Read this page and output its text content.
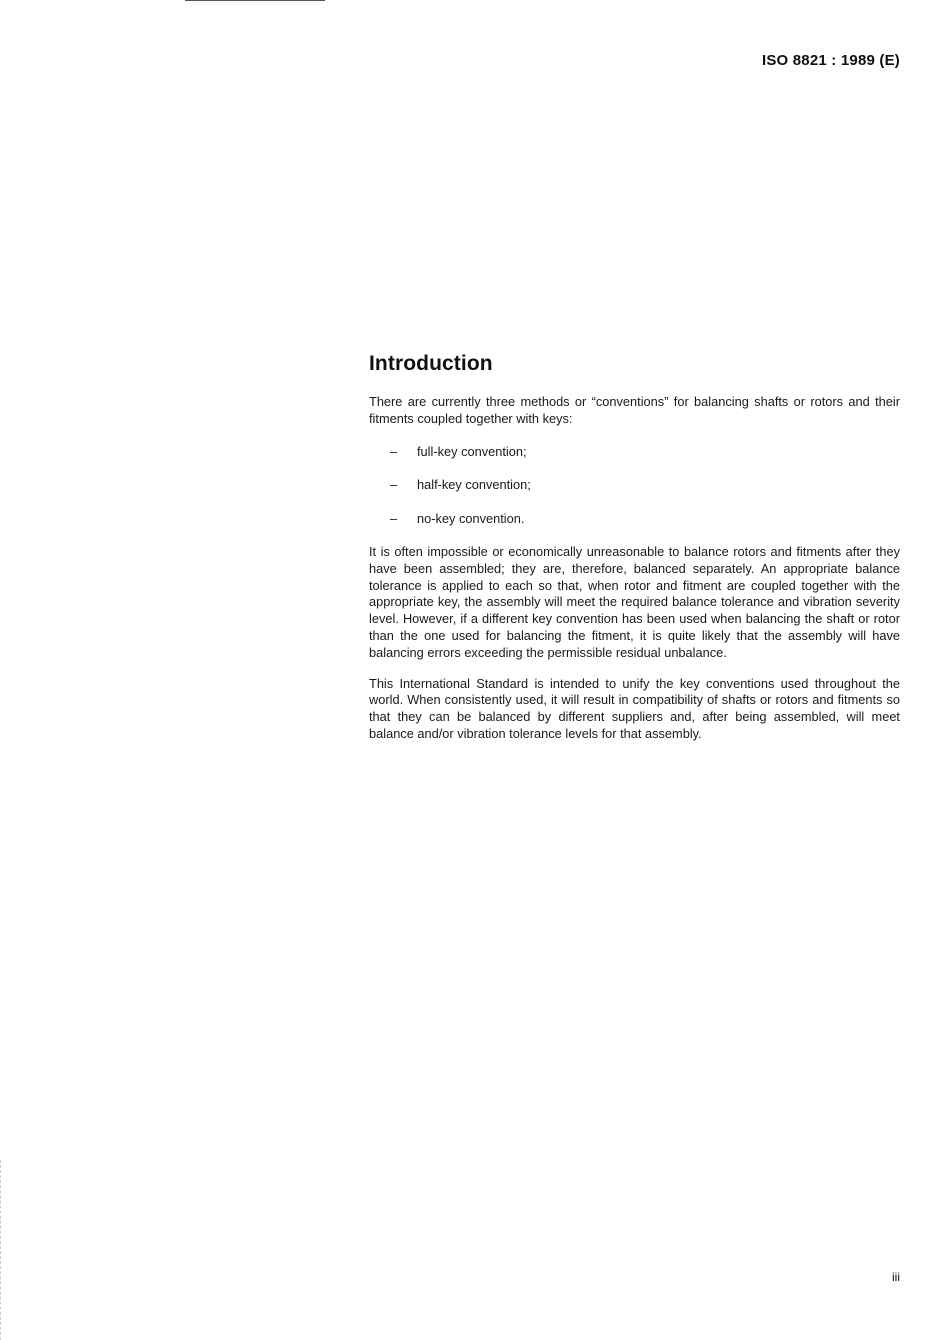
ISO 8821 : 1989 (E)
Introduction

There are currently three methods or “conventions” for balancing shafts or rotors and their fitments coupled together with keys:

–	full-key convention;
–	half-key convention;
–	no-key convention.

It is often impossible or economically unreasonable to balance rotors and fitments after they have been assembled; they are, therefore, balanced separately. An appropriate balance tolerance is applied to each so that, when rotor and fitment are coupled together with the appropriate key, the assembly will meet the required balance tolerance and vibration severity level. However, if a different key convention has been used when balancing the shaft or rotor than the one used for balancing the fitment, it is quite likely that the assembly will have balancing errors exceeding the permissible residual unbalance.

This International Standard is intended to unify the key conventions used throughout the world. When consistently used, it will result in compatibility of shafts or rotors and fitments so that they can be balanced by different suppliers and, after being assembled, will meet balance and/or vibration tolerance levels for that assembly.

iii
